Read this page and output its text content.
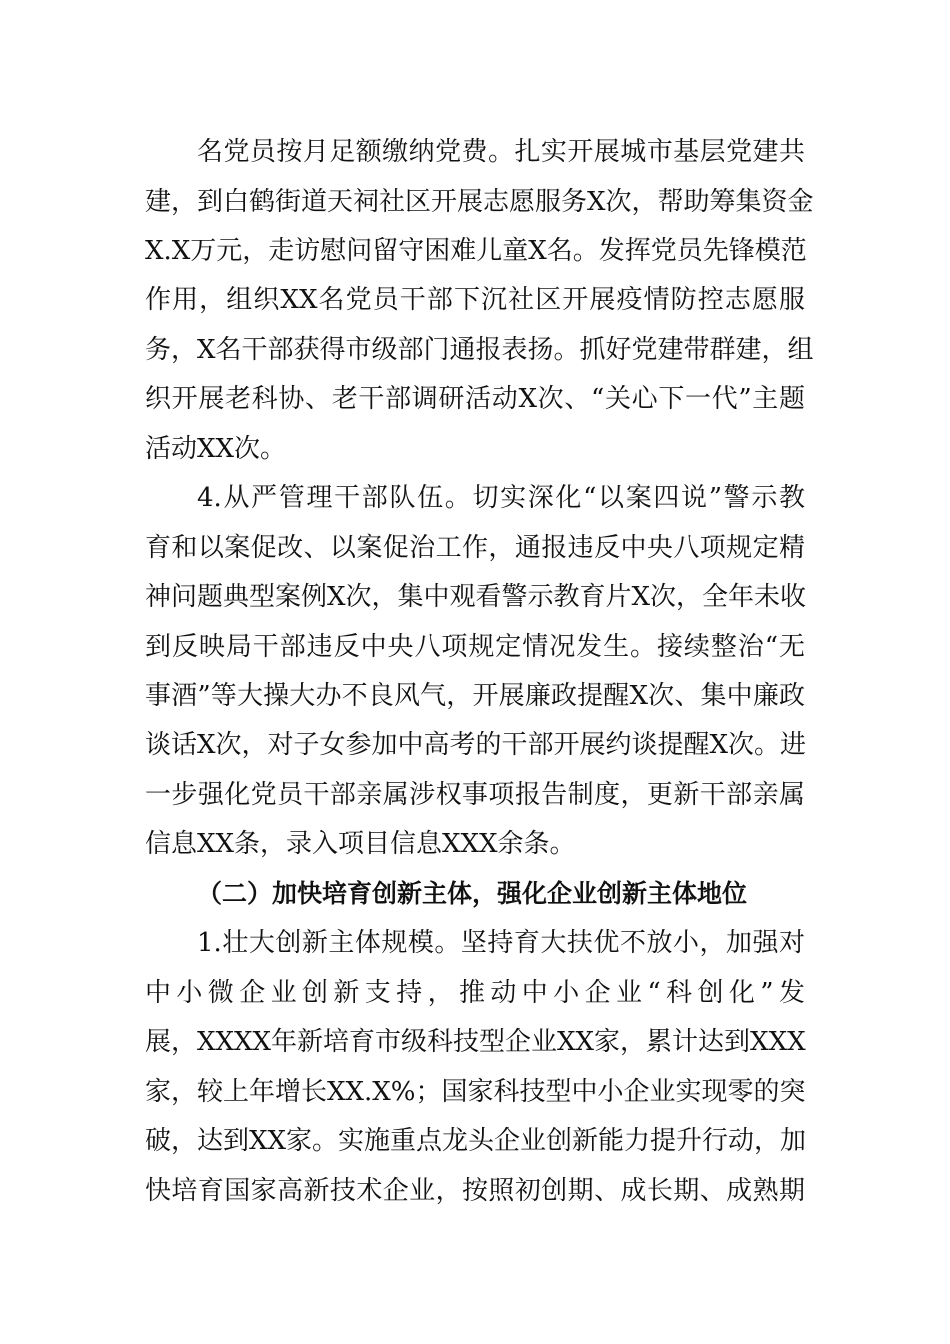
名党员按月足额缴纳党费。扎实开展城市基层党建共
建，到白鹤街道天祠社区开展志愿服务X次，帮助筹集资金
X.X万元，走访慰问留守困难儿童X名。发挥党员先锋模范
作用，组织XX名党员干部下沉社区开展疫情防控志愿服
务，X名干部获得市级部门通报表扬。抓好党建带群建，组
织开展老科协、老干部调研活动X次、“关心下一代”主题
活动XX次。
4.从严管理干部队伍。切实深化“以案四说”警示教
育和以案促改、以案促治工作，通报违反中央八项规定精
神问题典型案例X次，集中观看警示教育片X次，全年未收
到反映局干部违反中央八项规定情况发生。接续整治“无
事酒”等大操大办不良风气，开展廉政提醒X次、集中廉政
谈话X次，对子女参加中高考的干部开展约谈提醒X次。进
一步强化党员干部亲属涉权事项报告制度，更新干部亲属
信息XX条，录入项目信息XXX余条。
（二）加快培育创新主体，强化企业创新主体地位
1.壮大创新主体规模。坚持育大扶优不放小，加强对
中小微企业创新支持，推动中小企业“科创化”发
展，XXXX年新培育市级科技型企业XX家，累计达到XXX
家，较上年增长XX.X%；国家科技型中小企业实现零的突
破，达到XX家。实施重点龙头企业创新能力提升行动，加
快培育国家高新技术企业，按照初创期、成长期、成熟期
